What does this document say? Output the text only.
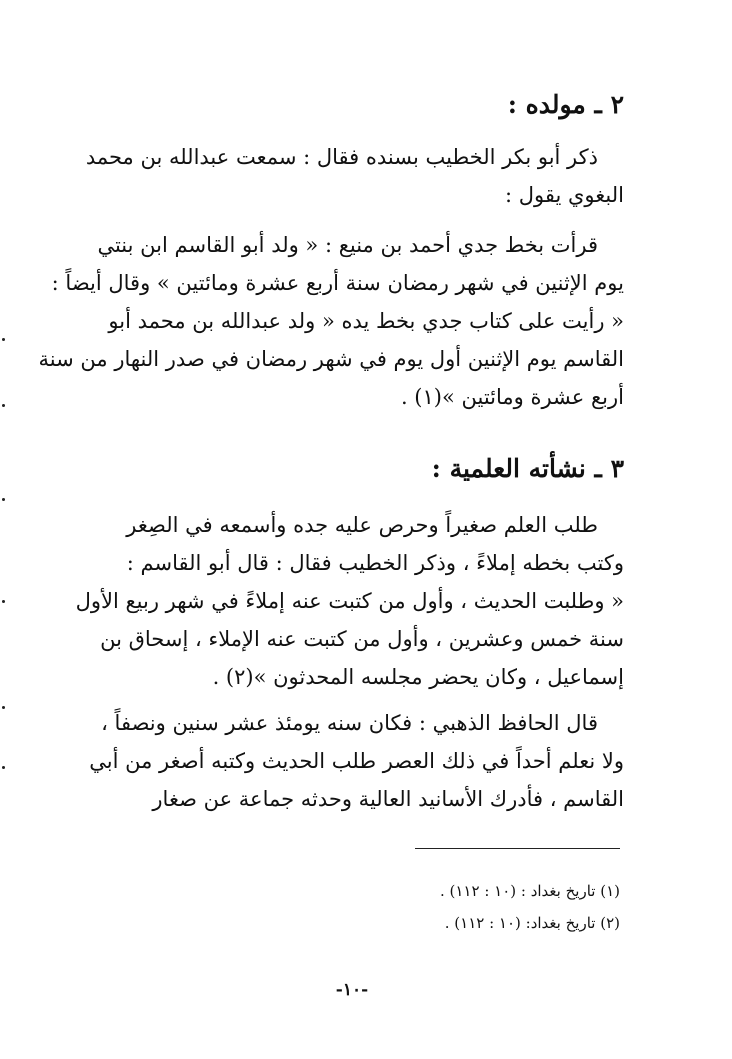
٢ ـ مولده :
ذكر أبو بكر الخطيب بسنده فقال : سمعت عبدالله بن محمد
البغوي يقول :
قرأت بخط جدي أحمد بن منيع : « ولد أبو القاسم ابن بنتي
يوم الإثنين في شهر رمضان سنة أربع عشرة ومائتين » وقال أيضاً :
« رأيت على كتاب جدي بخط يده « ولد عبدالله بن محمد أبو
القاسم يوم الإثنين أول يوم في شهر رمضان في صدر النهار من سنة
أربع عشرة ومائتين »(١) .
٣ ـ نشأته العلمية :
طلب العلم صغيراً وحرص عليه جده وأسمعه في الصِغر
وكتب بخطه إملاءً ، وذكر الخطيب فقال : قال أبو القاسم :
« وطلبت الحديث ، وأول من كتبت عنه إملاءً في شهر ربيع الأول
سنة خمس وعشرين ، وأول من كتبت عنه الإملاء ، إسحاق بن
إسماعيل ، وكان يحضر مجلسه المحدثون »(٢) .
قال الحافظ الذهبي : فكان سنه يومئذ عشر سنين ونصفاً ،
ولا نعلم أحداً في ذلك العصر طلب الحديث وكتبه أصغر من أبي
القاسم ، فأدرك الأسانيد العالية وحدثه جماعة عن صغار

(١) تاريخ بغداد : (١٠ : ١١٢) .

(٢) تاريخ بغداد: (١٠ : ١١٢) .

-١٠-
